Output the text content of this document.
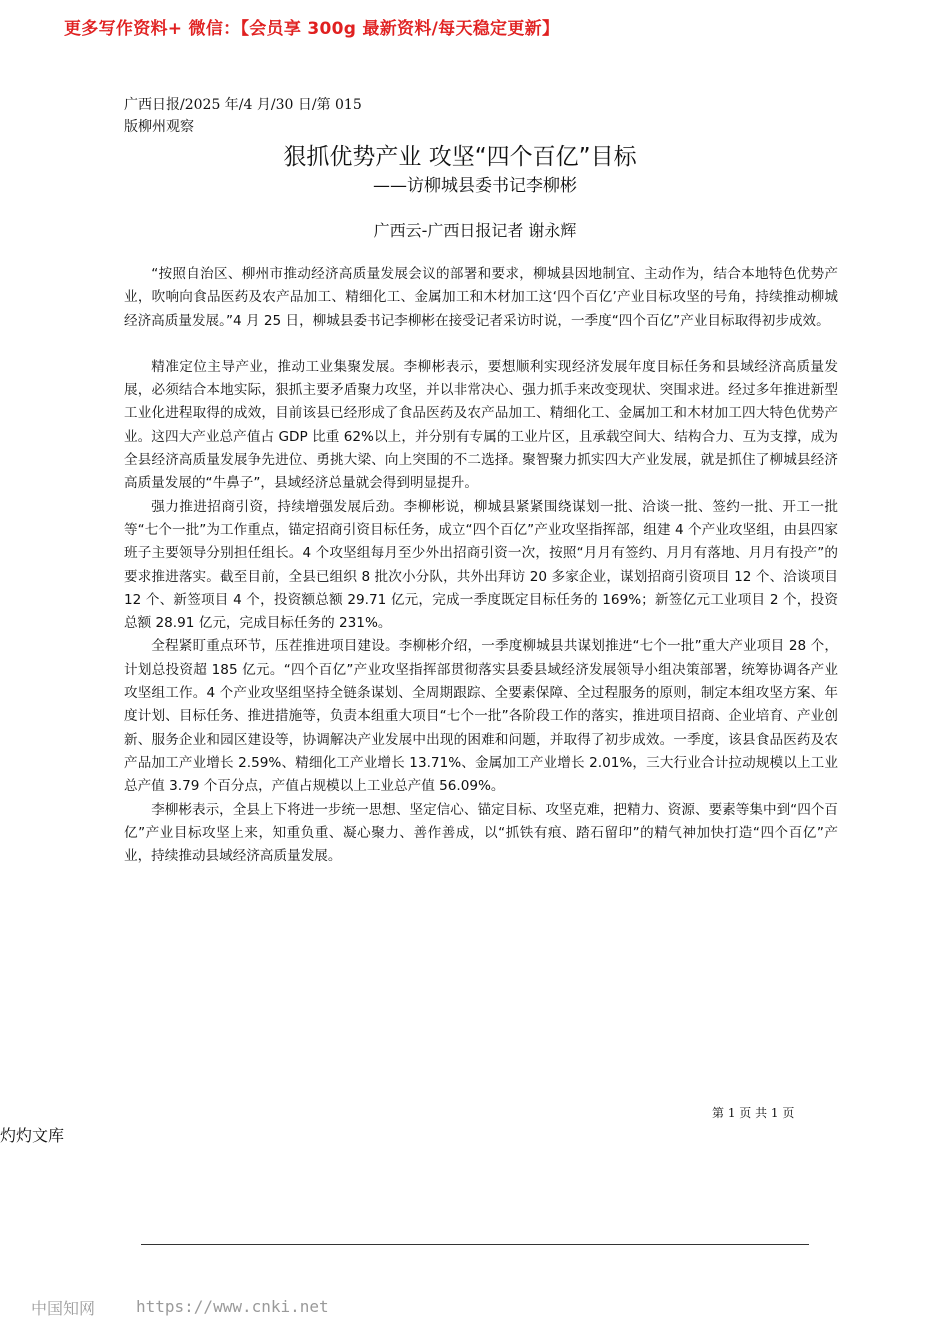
更多写作资料+ 微信：【会员享 300g 最新资料/每天稳定更新】
广西日报/2025 年/4 月/30 日/第 015
版柳州观察
狠抓优势产业 攻坚“四个百亿”目标
——访柳城县委书记李柳彬
广西云-广西日报记者 谢永辉

“按照自治区、柳州市推动经济高质量发展会议的部署和要求，柳城县因地制宜、主动作为，结合本地特色优势产业，吹响向食品医药及农产品加工、精细化工、金属加工和木材加工这‘四个百亿’产业目标攻坚的号角，持续推动柳城经济高质量发展。”4 月 25 日，柳城县委书记李柳彬在接受记者采访时说，一季度“四个百亿”产业目标取得初步成效。

精准定位主导产业，推动工业集聚发展。李柳彬表示，要想顺利实现经济发展年度目标任务和县域经济高质量发展，必须结合本地实际，狠抓主要矛盾聚力攻坚，并以非常决心、强力抓手来改变现状、突围求进。经过多年推进新型工业化进程取得的成效，目前该县已经形成了食品医药及农产品加工、精细化工、金属加工和木材加工四大特色优势产业。这四大产业总产值占 GDP 比重 62%以上，并分别有专属的工业片区，且承载空间大、结构合力、互为支撑，成为全县经济高质量发展争先进位、勇挑大梁、向上突围的不二选择。聚智聚力抓实四大产业发展，就是抓住了柳城县经济高质量发展的“牛鼻子”，县域经济总量就会得到明显提升。

强力推进招商引资，持续增强发展后劲。李柳彬说，柳城县紧紧围绕谋划一批、洽谈一批、签约一批、开工一批等“七个一批”为工作重点，锚定招商引资目标任务，成立“四个百亿”产业攻坚指挥部，组建 4 个产业攻坚组，由县四家班子主要领导分别担任组长。4 个攻坚组每月至少外出招商引资一次，按照“月月有签约、月月有落地、月月有投产”的要求推进落实。截至目前，全县已组织 8 批次小分队，共外出拜访 20 多家企业，谋划招商引资项目 12 个、洽谈项目 12 个、新签项目 4 个，投资额总额 29.71 亿元，完成一季度既定目标任务的 169%；新签亿元工业项目 2 个，投资总额 28.91 亿元，完成目标任务的 231%。

全程紧盯重点环节，压茬推进项目建设。李柳彬介绍，一季度柳城县共谋划推进“七个一批”重大产业项目 28 个，计划总投资超 185 亿元。“四个百亿”产业攻坚指挥部贯彻落实县委县域经济发展领导小组决策部署，统筹协调各产业攻坚组工作。4 个产业攻坚组坚持全链条谋划、全周期跟踪、全要素保障、全过程服务的原则，制定本组攻坚方案、年度计划、目标任务、推进措施等，负责本组重大项目“七个一批”各阶段工作的落实，推进项目招商、企业培育、产业创新、服务企业和园区建设等，协调解决产业发展中出现的困难和问题，并取得了初步成效。一季度，该县食品医药及农产品加工产业增长 2.59%、精细化工产业增长 13.71%、金属加工产业增长 2.01%，三大行业合计拉动规模以上工业总产值 3.79 个百分点，产值占规模以上工业总产值 56.09%。

李柳彬表示，全县上下将进一步统一思想、坚定信心、锚定目标、攻坚克难，把精力、资源、要素等集中到“四个百亿”产业目标攻坚上来，知重负重、凝心聚力、善作善成，以“抓铁有痕、踏石留印”的精气神加快打造“四个百亿”产业，持续推动县域经济高质量发展。

第 1 页 共 1 页
灼灼文库
中国知网	https://www.cnki.net
